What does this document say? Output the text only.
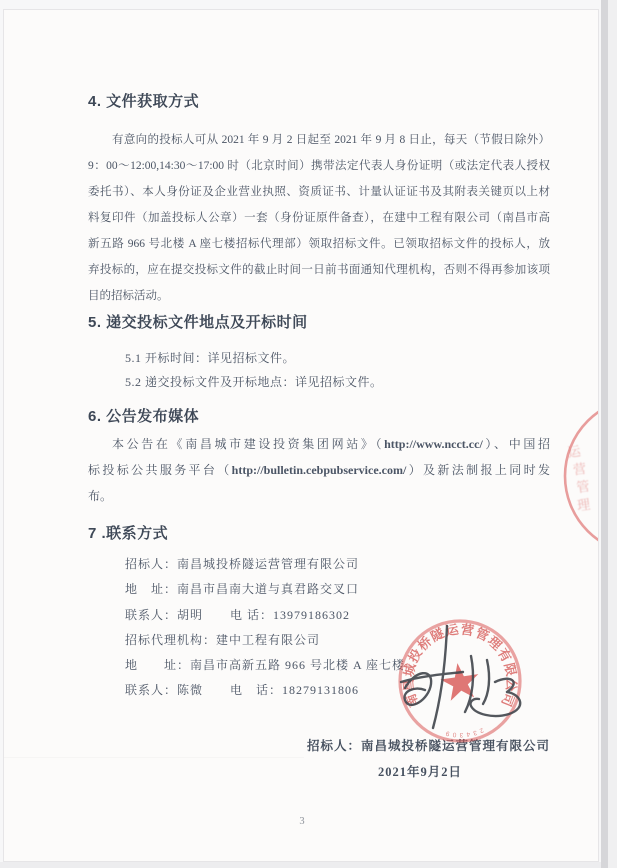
4. 文件获取方式
有意向的投标人可从 2021 年 9 月 2 日起至 2021 年 9 月 8 日止，每天（节假日除外）
9：00～12:00,14:30～17:00 时（北京时间）携带法定代表人身份证明（或法定代表人授权
委托书）、本人身份证及企业营业执照、资质证书、计量认证证书及其附表关键页以上材
料复印件（加盖投标人公章）一套（身份证原件备查），在建中工程有限公司（南昌市高
新五路 966 号北楼 A 座七楼招标代理部）领取招标文件。已领取招标文件的投标人，放
弃投标的，应在提交投标文件的截止时间一日前书面通知代理机构，否则不得再参加该项
目的招标活动。
5. 递交投标文件地点及开标时间
5.1 开标时间：详见招标文件。
5.2 递交投标文件及开标地点：详见招标文件。
6. 公告发布媒体
本公告在《南昌城市建设投资集团网站》（http://www.ncct.cc/）、中国招
标投标公共服务平台（http://bulletin.cebpubservice.com/）及新法制报上同时发
布。
7 .联系方式
招标人：南昌城投桥隧运营管理有限公司
地　址：南昌市昌南大道与真君路交叉口
联系人：胡明 电 话：13979186302
招标代理机构：建中工程有限公司
地　　址：南昌市高新五路 966 号北楼 A 座七楼
联系人：陈微 电　话：18279131806
招标人：南昌城投桥隧运营管理有限公司
2021年9月2日
3
南昌城投桥隧运营管理有限公司
234309
★
运
营
管
理
